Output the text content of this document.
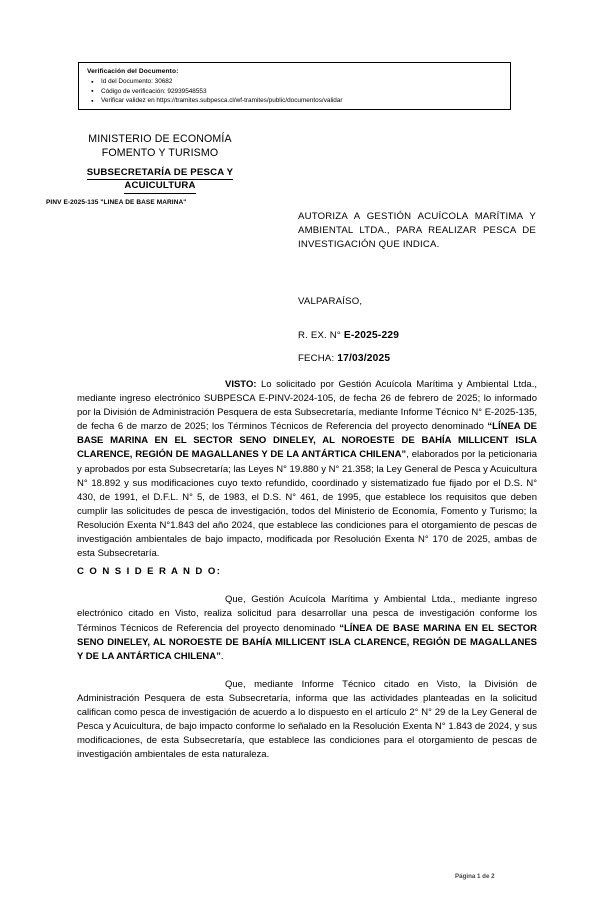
Verificación del Documento:
● Id del Documento: 30682
● Código de verificación: 92939548553
● Verificar validez en https://tramites.subpesca.cl/wf-tramites/public/documentos/validar
MINISTERIO DE ECONOMÍA
FOMENTO Y TURISMO
SUBSECRETARÍA DE PESCA Y
ACUICULTURA
PINV E-2025-135 "LINEA DE BASE MARINA"
AUTORIZA A GESTIÓN ACUÍCOLA MARÍTIMA Y AMBIENTAL LTDA., PARA REALIZAR PESCA DE INVESTIGACIÓN QUE INDICA.
VALPARAÍSO,
R. EX. N° E-2025-229
FECHA: 17/03/2025

VISTO: Lo solicitado por Gestión Acuícola Marítima y Ambiental Ltda., mediante ingreso electrónico SUBPESCA E-PINV-2024-105, de fecha 26 de febrero de 2025; lo informado por la División de Administración Pesquera de esta Subsecretaría, mediante Informe Técnico N° E-2025-135, de fecha 6 de marzo de 2025; los Términos Técnicos de Referencia del proyecto denominado “LÍNEA DE BASE MARINA EN EL SECTOR SENO DINELEY, AL NOROESTE DE BAHÍA MILLICENT ISLA CLARENCE, REGIÓN DE MAGALLANES Y DE LA ANTÁRTICA CHILENA”, elaborados por la peticionaria y aprobados por esta Subsecretaría; las Leyes N° 19.880 y N° 21.358; la Ley General de Pesca y Acuicultura N° 18.892 y sus modificaciones cuyo texto refundido, coordinado y sistematizado fue fijado por el D.S. N° 430, de 1991, el D.F.L. N° 5, de 1983, el D.S. N° 461, de 1995, que establece los requisitos que deben cumplir las solicitudes de pesca de investigación, todos del Ministerio de Economía, Fomento y Turismo; la Resolución Exenta N°1.843 del año 2024, que establece las condiciones para el otorgamiento de pescas de investigación ambientales de bajo impacto, modificada por Resolución Exenta N° 170 de 2025, ambas de esta Subsecretaría.

C O N S I D E R A N D O:

Que, Gestión Acuícola Marítima y Ambiental Ltda., mediante ingreso electrónico citado en Visto, realiza solicitud para desarrollar una pesca de investigación conforme los Términos Técnicos de Referencia del proyecto denominado “LÍNEA DE BASE MARINA EN EL SECTOR SENO DINELEY, AL NOROESTE DE BAHÍA MILLICENT ISLA CLARENCE, REGIÓN DE MAGALLANES Y DE LA ANTÁRTICA CHILENA”.

Que, mediante Informe Técnico citado en Visto, la División de Administración Pesquera de esta Subsecretaría, informa que las actividades planteadas en la solicitud califican como pesca de investigación de acuerdo a lo dispuesto en el artículo 2° N° 29 de la Ley General de Pesca y Acuicultura, de bajo impacto conforme lo señalado en la Resolución Exenta N° 1.843 de 2024, y sus modificaciones, de esta Subsecretaría, que establece las condiciones para el otorgamiento de pescas de investigación ambientales de esta naturaleza.

Página 1 de 2
